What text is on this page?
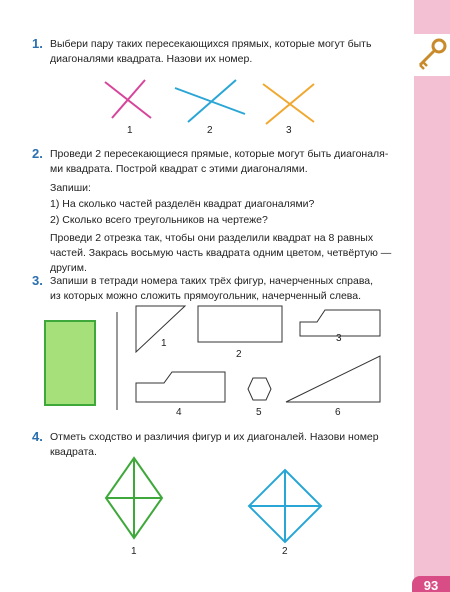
1. Выбери пару таких пересекающихся прямых, которые могут быть
диагоналями квадрата. Назови их номер.
1	2	3
2. Проведи 2 пересекающиеся прямые, которые могут быть диагоналя-
ми квадрата. Построй квадрат с этими диагоналями.
Запиши:
1) На сколько частей разделён квадрат диагоналями?
2) Сколько всего треугольников на чертеже?
Проведи 2 отрезка так, чтобы они разделили квадрат на 8 равных
частей. Закрась восьмую часть квадрата одним цветом, четвёртую —
другим.
3. Запиши в тетради номера таких трёх фигур, начерченных справа,
из которых можно сложить прямоугольник, начерченный слева.
1
2
3
4	5	6
4. Отметь сходство и различия фигур и их диагоналей. Назови номер
квадрата.
1	2
93
